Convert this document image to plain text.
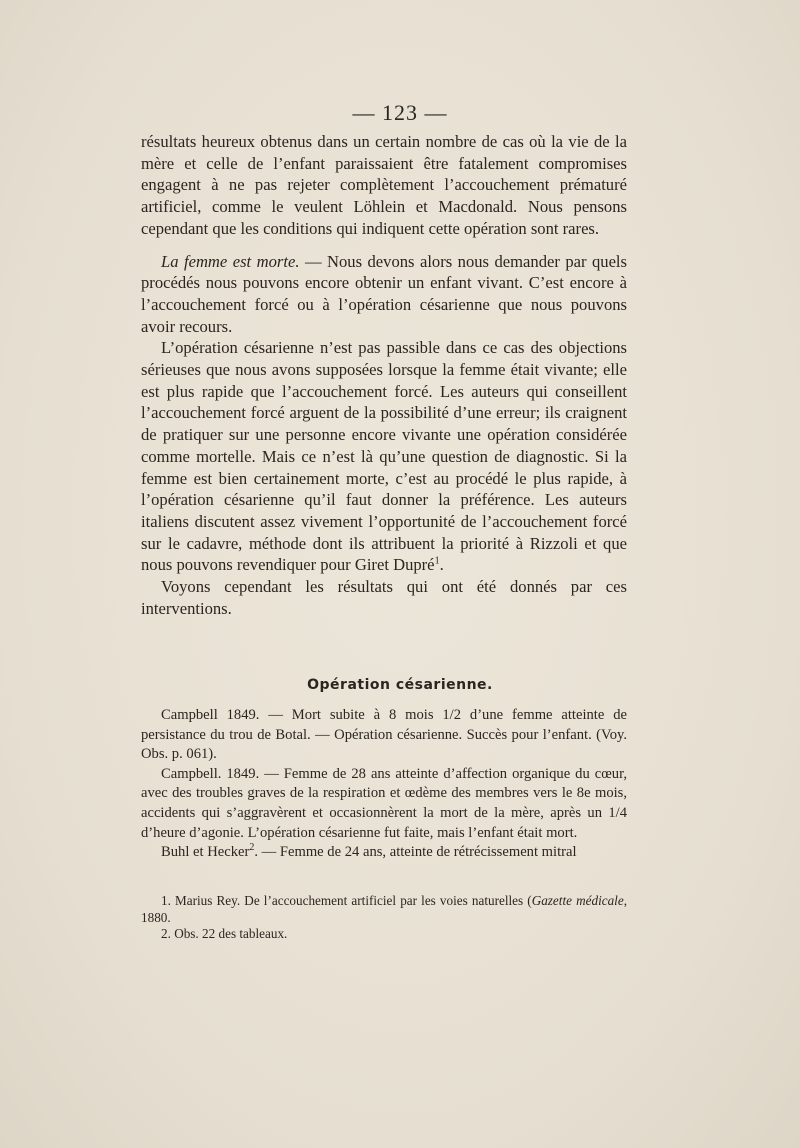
— 123 —

résultats heureux obtenus dans un certain nombre de cas où la vie de la mère et celle de l’enfant paraissaient être fatalement compromises engagent à ne pas rejeter complètement l’accouchement prématuré artificiel, comme le veulent Löhlein et Macdonald. Nous pensons cependant que les conditions qui indiquent cette opération sont rares.

La femme est morte. — Nous devons alors nous demander par quels procédés nous pouvons encore obtenir un enfant vivant. C’est encore à l’accouchement forcé ou à l’opération césarienne que nous pouvons avoir recours.

L’opération césarienne n’est pas passible dans ce cas des objections sérieuses que nous avons supposées lorsque la femme était vivante; elle est plus rapide que l’accouchement forcé. Les auteurs qui conseillent l’accouchement forcé arguent de la possibilité d’une erreur; ils craignent de pratiquer sur une personne encore vivante une opération considérée comme mortelle. Mais ce n’est là qu’une question de diagnostic. Si la femme est bien certainement morte, c’est au procédé le plus rapide, à l’opération césarienne qu’il faut donner la préférence. Les auteurs italiens discutent assez vivement l’opportunité de l’accouchement forcé sur le cadavre, méthode dont ils attribuent la priorité à Rizzoli et que nous pouvons revendiquer pour Giret Dupré$^1$.

Voyons cependant les résultats qui ont été donnés par ces interventions.

Opération césarienne.

Campbell 1849. — Mort subite à 8 mois 1/2 d’une femme atteinte de persistance du trou de Botal. — Opération césarienne. Succès pour l’enfant. (Voy. Obs. p. 061).

Campbell. 1849. — Femme de 28 ans atteinte d’affection organique du cœur, avec des troubles graves de la respiration et œdème des membres vers le 8e mois, accidents qui s’aggravèrent et occasionnèrent la mort de la mère, après un 1/4 d’heure d’agonie. L’opération césarienne fut faite, mais l’enfant était mort.

Buhl et Hecker$^2$. — Femme de 24 ans, atteinte de rétrécissement mitral

1. Marius Rey. De l’accouchement artificiel par les voies naturelles (Gazette médicale, 1880.

2. Obs. 22 des tableaux.
